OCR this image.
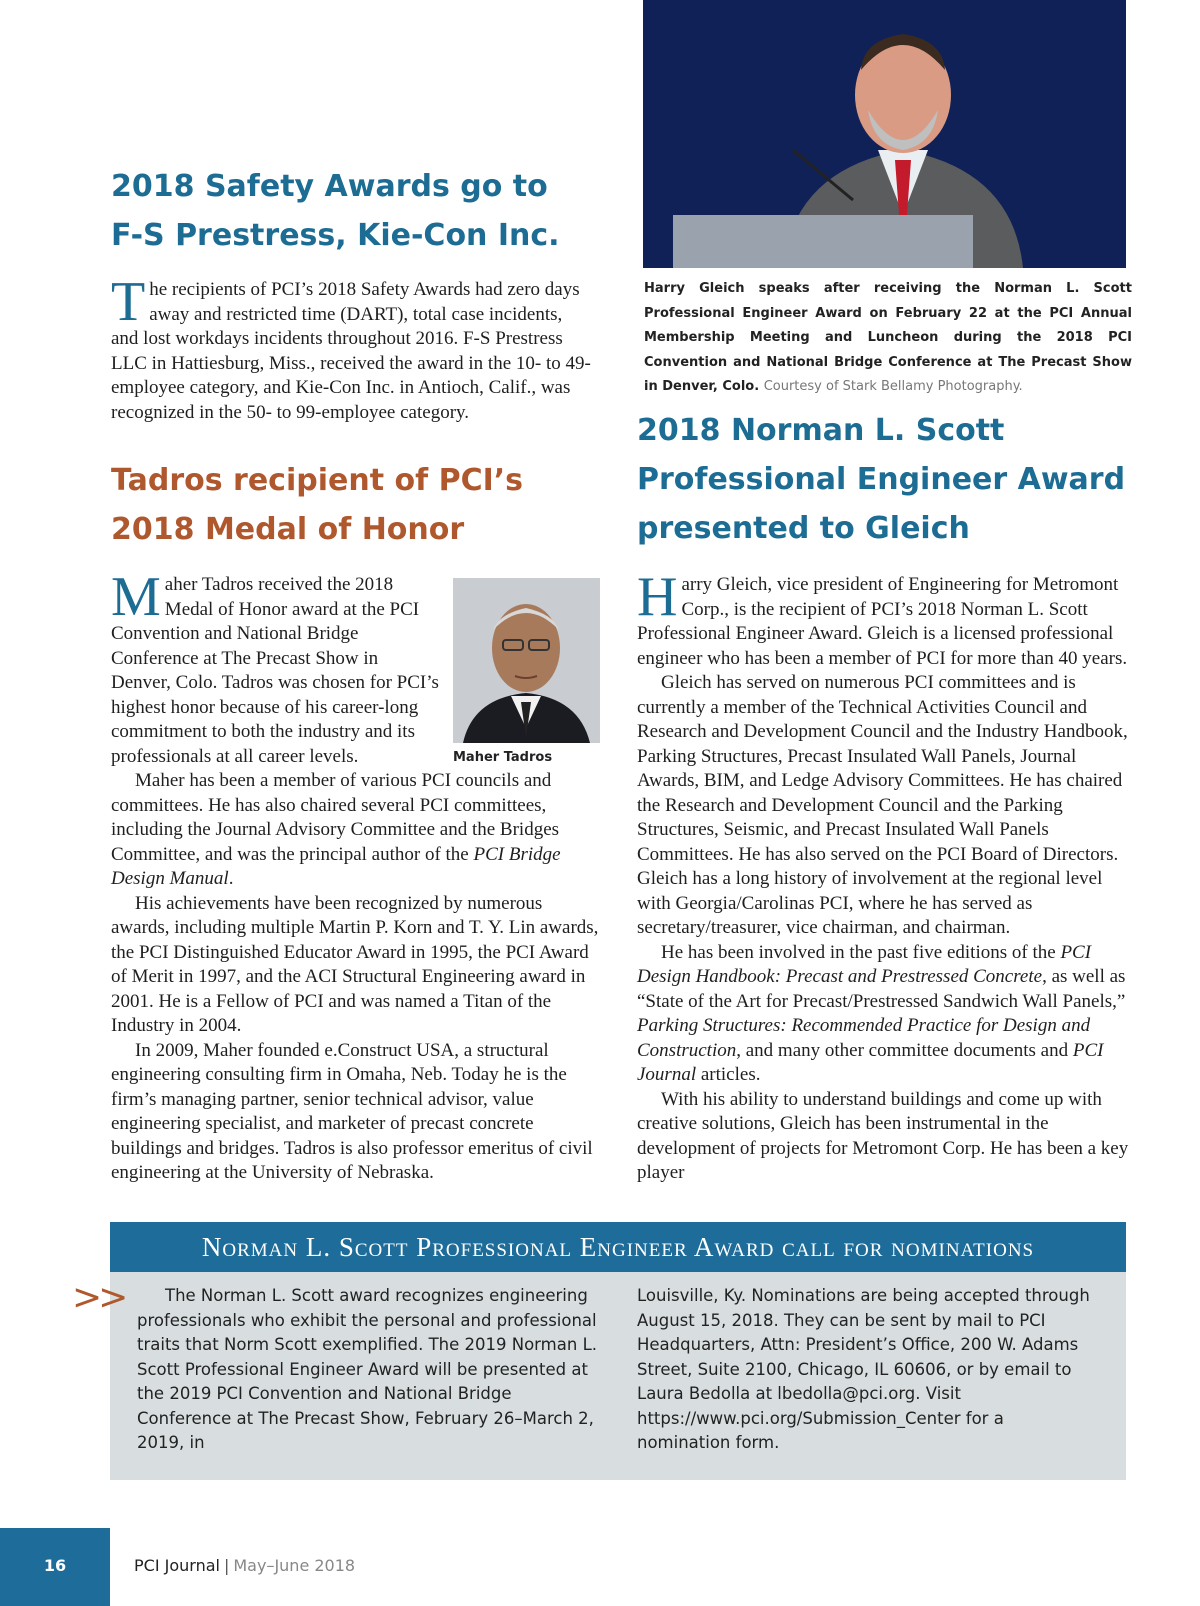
2018 Safety Awards go to
F-S Prestress, Kie-Con Inc.

The recipients of PCI’s 2018 Safety Awards had zero days away and restricted time (DART), total case incidents, and lost workdays incidents throughout 2016. F-S Prestress LLC in Hattiesburg, Miss., received the award in the 10- to 49-employee category, and Kie-Con Inc. in Antioch, Calif., was recognized in the 50- to 99-employee category.

Tadros recipient of PCI’s
2018 Medal of Honor
Maher Tadros

Maher Tadros received the 2018 Medal of Honor award at the PCI Convention and National Bridge Conference at The Precast Show in Denver, Colo. Tadros was chosen for PCI’s highest honor because of his career-long commitment to both the industry and its professionals at all career levels.

Maher has been a member of various PCI councils and committees. He has also chaired several PCI committees, including the Journal Advisory Committee and the Bridges Committee, and was the principal author of the PCI Bridge Design Manual.

His achievements have been recognized by numerous awards, including multiple Martin P. Korn and T. Y. Lin awards, the PCI Distinguished Educator Award in 1995, the PCI Award of Merit in 1997, and the ACI Structural Engineering award in 2001. He is a Fellow of PCI and was named a Titan of the Industry in 2004.

In 2009, Maher founded e.Construct USA, a structural engineering consulting firm in Omaha, Neb. Today he is the firm’s managing partner, senior technical advisor, value engineering specialist, and marketer of precast concrete buildings and bridges. Tadros is also professor emeritus of civil engineering at the University of Nebraska.

Harry Gleich speaks after receiving the Norman L. Scott Professional Engineer Award on February 22 at the PCI Annual Membership Meeting and Luncheon during the 2018 PCI Convention and National Bridge Conference at The Precast Show in Denver, Colo. Courtesy of Stark Bellamy Photography.
2018 Norman L. Scott
Professional Engineer Award
presented to Gleich

Harry Gleich, vice president of Engineering for Metromont Corp., is the recipient of PCI’s 2018 Norman L. Scott Professional Engineer Award. Gleich is a licensed professional engineer who has been a member of PCI for more than 40 years.

Gleich has served on numerous PCI committees and is currently a member of the Technical Activities Council and Research and Development Council and the Industry Handbook, Parking Structures, Precast Insulated Wall Panels, Journal Awards, BIM, and Ledge Advisory Committees. He has chaired the Research and Development Council and the Parking Structures, Seismic, and Precast Insulated Wall Panels Committees. He has also served on the PCI Board of Directors. Gleich has a long history of involvement at the regional level with Georgia/Carolinas PCI, where he has served as secretary/treasurer, vice chairman, and chairman.

He has been involved in the past five editions of the PCI Design Handbook: Precast and Prestressed Concrete, as well as “State of the Art for Precast/Prestressed Sandwich Wall Panels,” Parking Structures: Recommended Practice for Design and Construction, and many other committee documents and PCI Journal articles.

With his ability to understand buildings and come up with creative solutions, Gleich has been instrumental in the development of projects for Metromont Corp. He has been a key player

Norman L. Scott Professional Engineer Award call for nominations
>>	The Norman L. Scott award recognizes engineering professionals who exhibit the personal and professional traits that Norm Scott exemplified. The 2019 Norman L. Scott Professional Engineer Award will be presented at the 2019 PCI Convention and National Bridge Conference at The Precast Show, February 26–March 2, 2019, in
Louisville, Ky. Nominations are being accepted through August 15, 2018. They can be sent by mail to PCI Headquarters, Attn: President’s Office, 200 W. Adams Street, Suite 2100, Chicago, IL 60606, or by email to Laura Bedolla at lbedolla@pci.org. Visit https://www.pci.org/Submission_Center for a nomination form.
16	PCI Journal | May–June 2018
